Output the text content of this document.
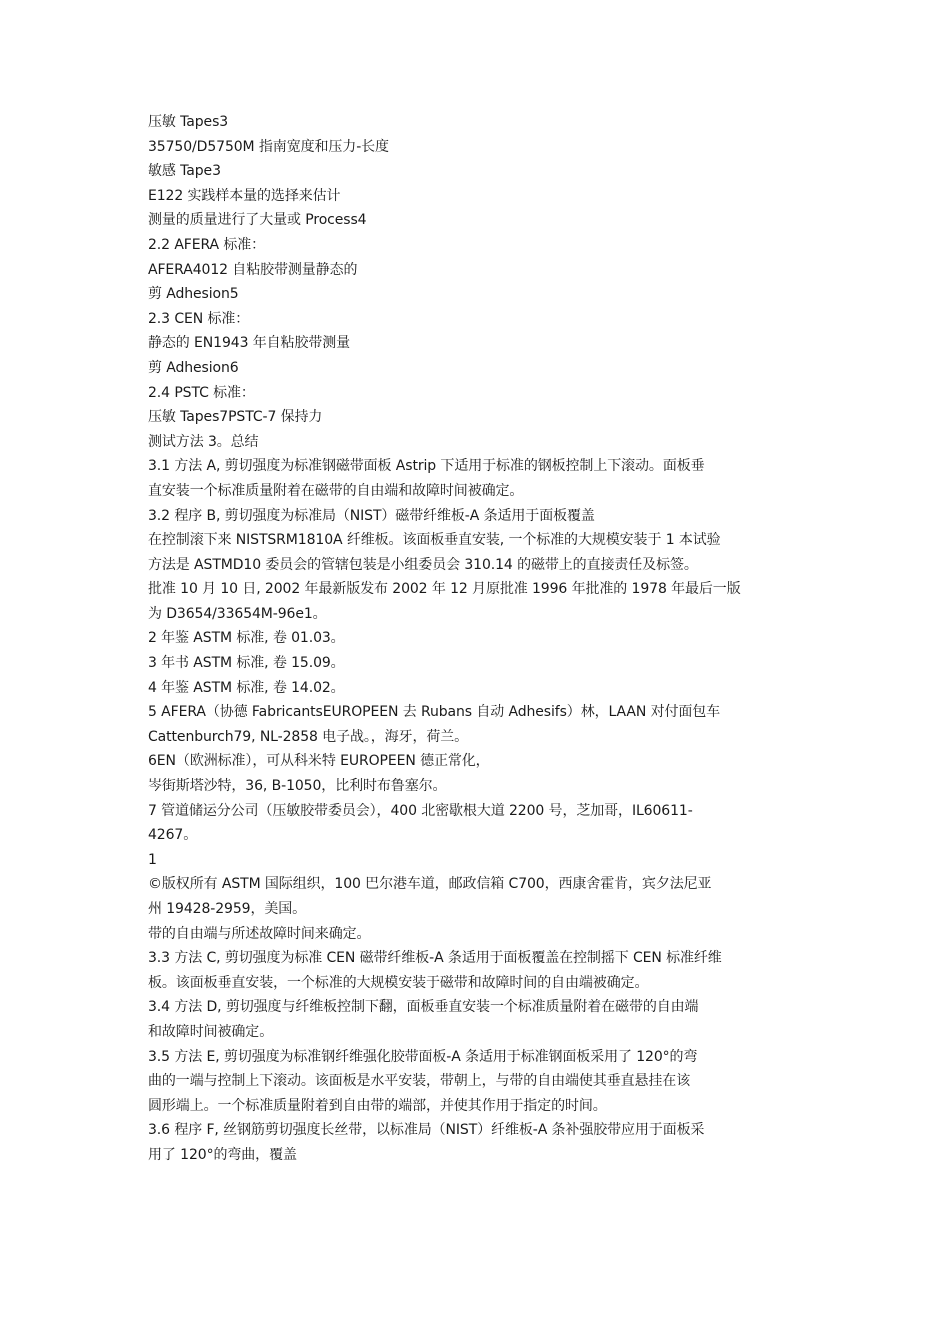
压敏 Tapes3
35750/D5750M 指南宽度和压力-长度
敏感 Tape3
E122 实践样本量的选择来估计
测量的质量进行了大量或 Process4
2.2 AFERA 标准：
AFERA4012 自粘胶带测量静态的
剪 Adhesion5
2.3 CEN 标准：
静态的 EN1943 年自粘胶带测量
剪 Adhesion6
2.4 PSTC 标准：
压敏 Tapes7PSTC-7 保持力
测试方法 3。总结
3.1 方法 A, 剪切强度为标准钢磁带面板 Astrip 下适用于标准的钢板控制上下滚动。面板垂
直安装一个标准质量附着在磁带的自由端和故障时间被确定。
3.2 程序 B, 剪切强度为标准局（NIST）磁带纤维板-A 条适用于面板覆盖
在控制滚下来 NISTSRM1810A 纤维板。该面板垂直安装, 一个标准的大规模安装于 1 本试验
方法是 ASTMD10 委员会的管辖包装是小组委员会 310.14 的磁带上的直接责任及标签。
批准 10 月 10 日, 2002 年最新版发布 2002 年 12 月原批准 1996 年批准的 1978 年最后一版
为 D3654/33654M-96e1。
2 年鉴 ASTM 标准, 卷 01.03。
3 年书 ASTM 标准, 卷 15.09。
4 年鉴 ASTM 标准, 卷 14.02。
5 AFERA（协德 FabricantsEUROPEEN 去 Rubans 自动 Adhesifs）林，LAAN 对付面包车
Cattenburch79, NL-2858 电子战。，海牙，荷兰。
6EN（欧洲标准），可从科米特 EUROPEEN 德正常化，
岑街斯塔沙特，36, B-1050，比利时布鲁塞尔。
7 管道储运分公司（压敏胶带委员会），400 北密歇根大道 2200 号，芝加哥，IL60611-
4267。
1
©版权所有 ASTM 国际组织，100 巴尔港车道，邮政信箱 C700，西康舍霍肯，宾夕法尼亚
州 19428-2959，美国。
带的自由端与所述故障时间来确定。
3.3 方法 C, 剪切强度为标准 CEN 磁带纤维板-A 条适用于面板覆盖在控制摇下 CEN 标准纤维
板。该面板垂直安装，一个标准的大规模安装于磁带和故障时间的自由端被确定。
3.4 方法 D, 剪切强度与纤维板控制下翻，面板垂直安装一个标准质量附着在磁带的自由端
和故障时间被确定。
3.5 方法 E, 剪切强度为标准钢纤维强化胶带面板-A 条适用于标准钢面板采用了 120°的弯
曲的一端与控制上下滚动。该面板是水平安装，带朝上，与带的自由端使其垂直悬挂在该
圆形端上。一个标准质量附着到自由带的端部，并使其作用于指定的时间。
3.6 程序 F, 丝钢筋剪切强度长丝带，以标准局（NIST）纤维板-A 条补强胶带应用于面板采
用了 120°的弯曲，覆盖
